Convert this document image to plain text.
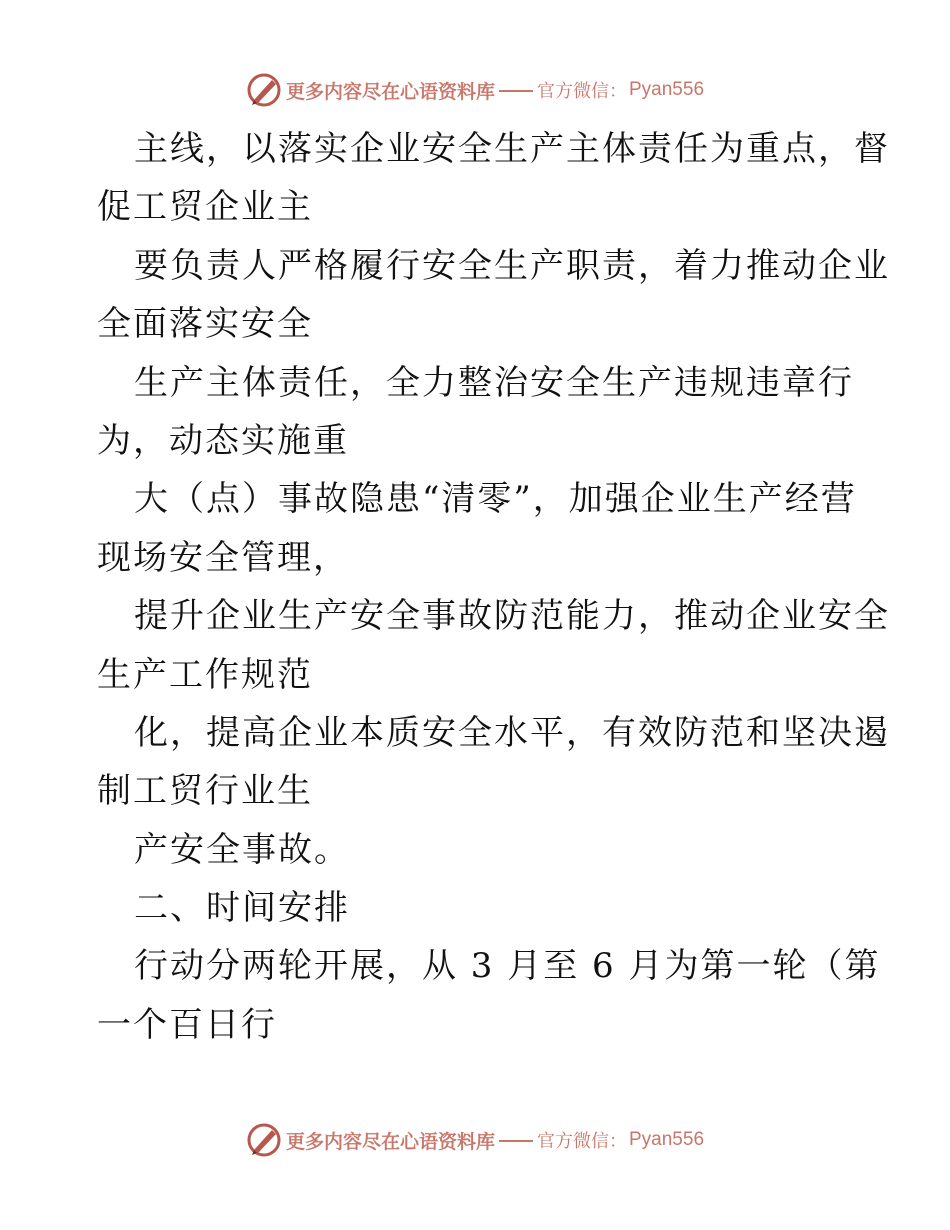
更多内容尽在心语资料库 官方微信： Pyan556
主线，以落实企业安全生产主体责任为重点，督
促工贸企业主
要负责人严格履行安全生产职责，着力推动企业
全面落实安全
生产主体责任，全力整治安全生产违规违章行
为，动态实施重
大（点）事故隐患“清零”，加强企业生产经营
现场安全管理，
提升企业生产安全事故防范能力，推动企业安全
生产工作规范
化，提高企业本质安全水平，有效防范和坚决遏
制工贸行业生
产安全事故。
二、时间安排
行动分两轮开展，从 3 月至 6 月为第一轮（第
一个百日行
更多内容尽在心语资料库 官方微信： Pyan556
